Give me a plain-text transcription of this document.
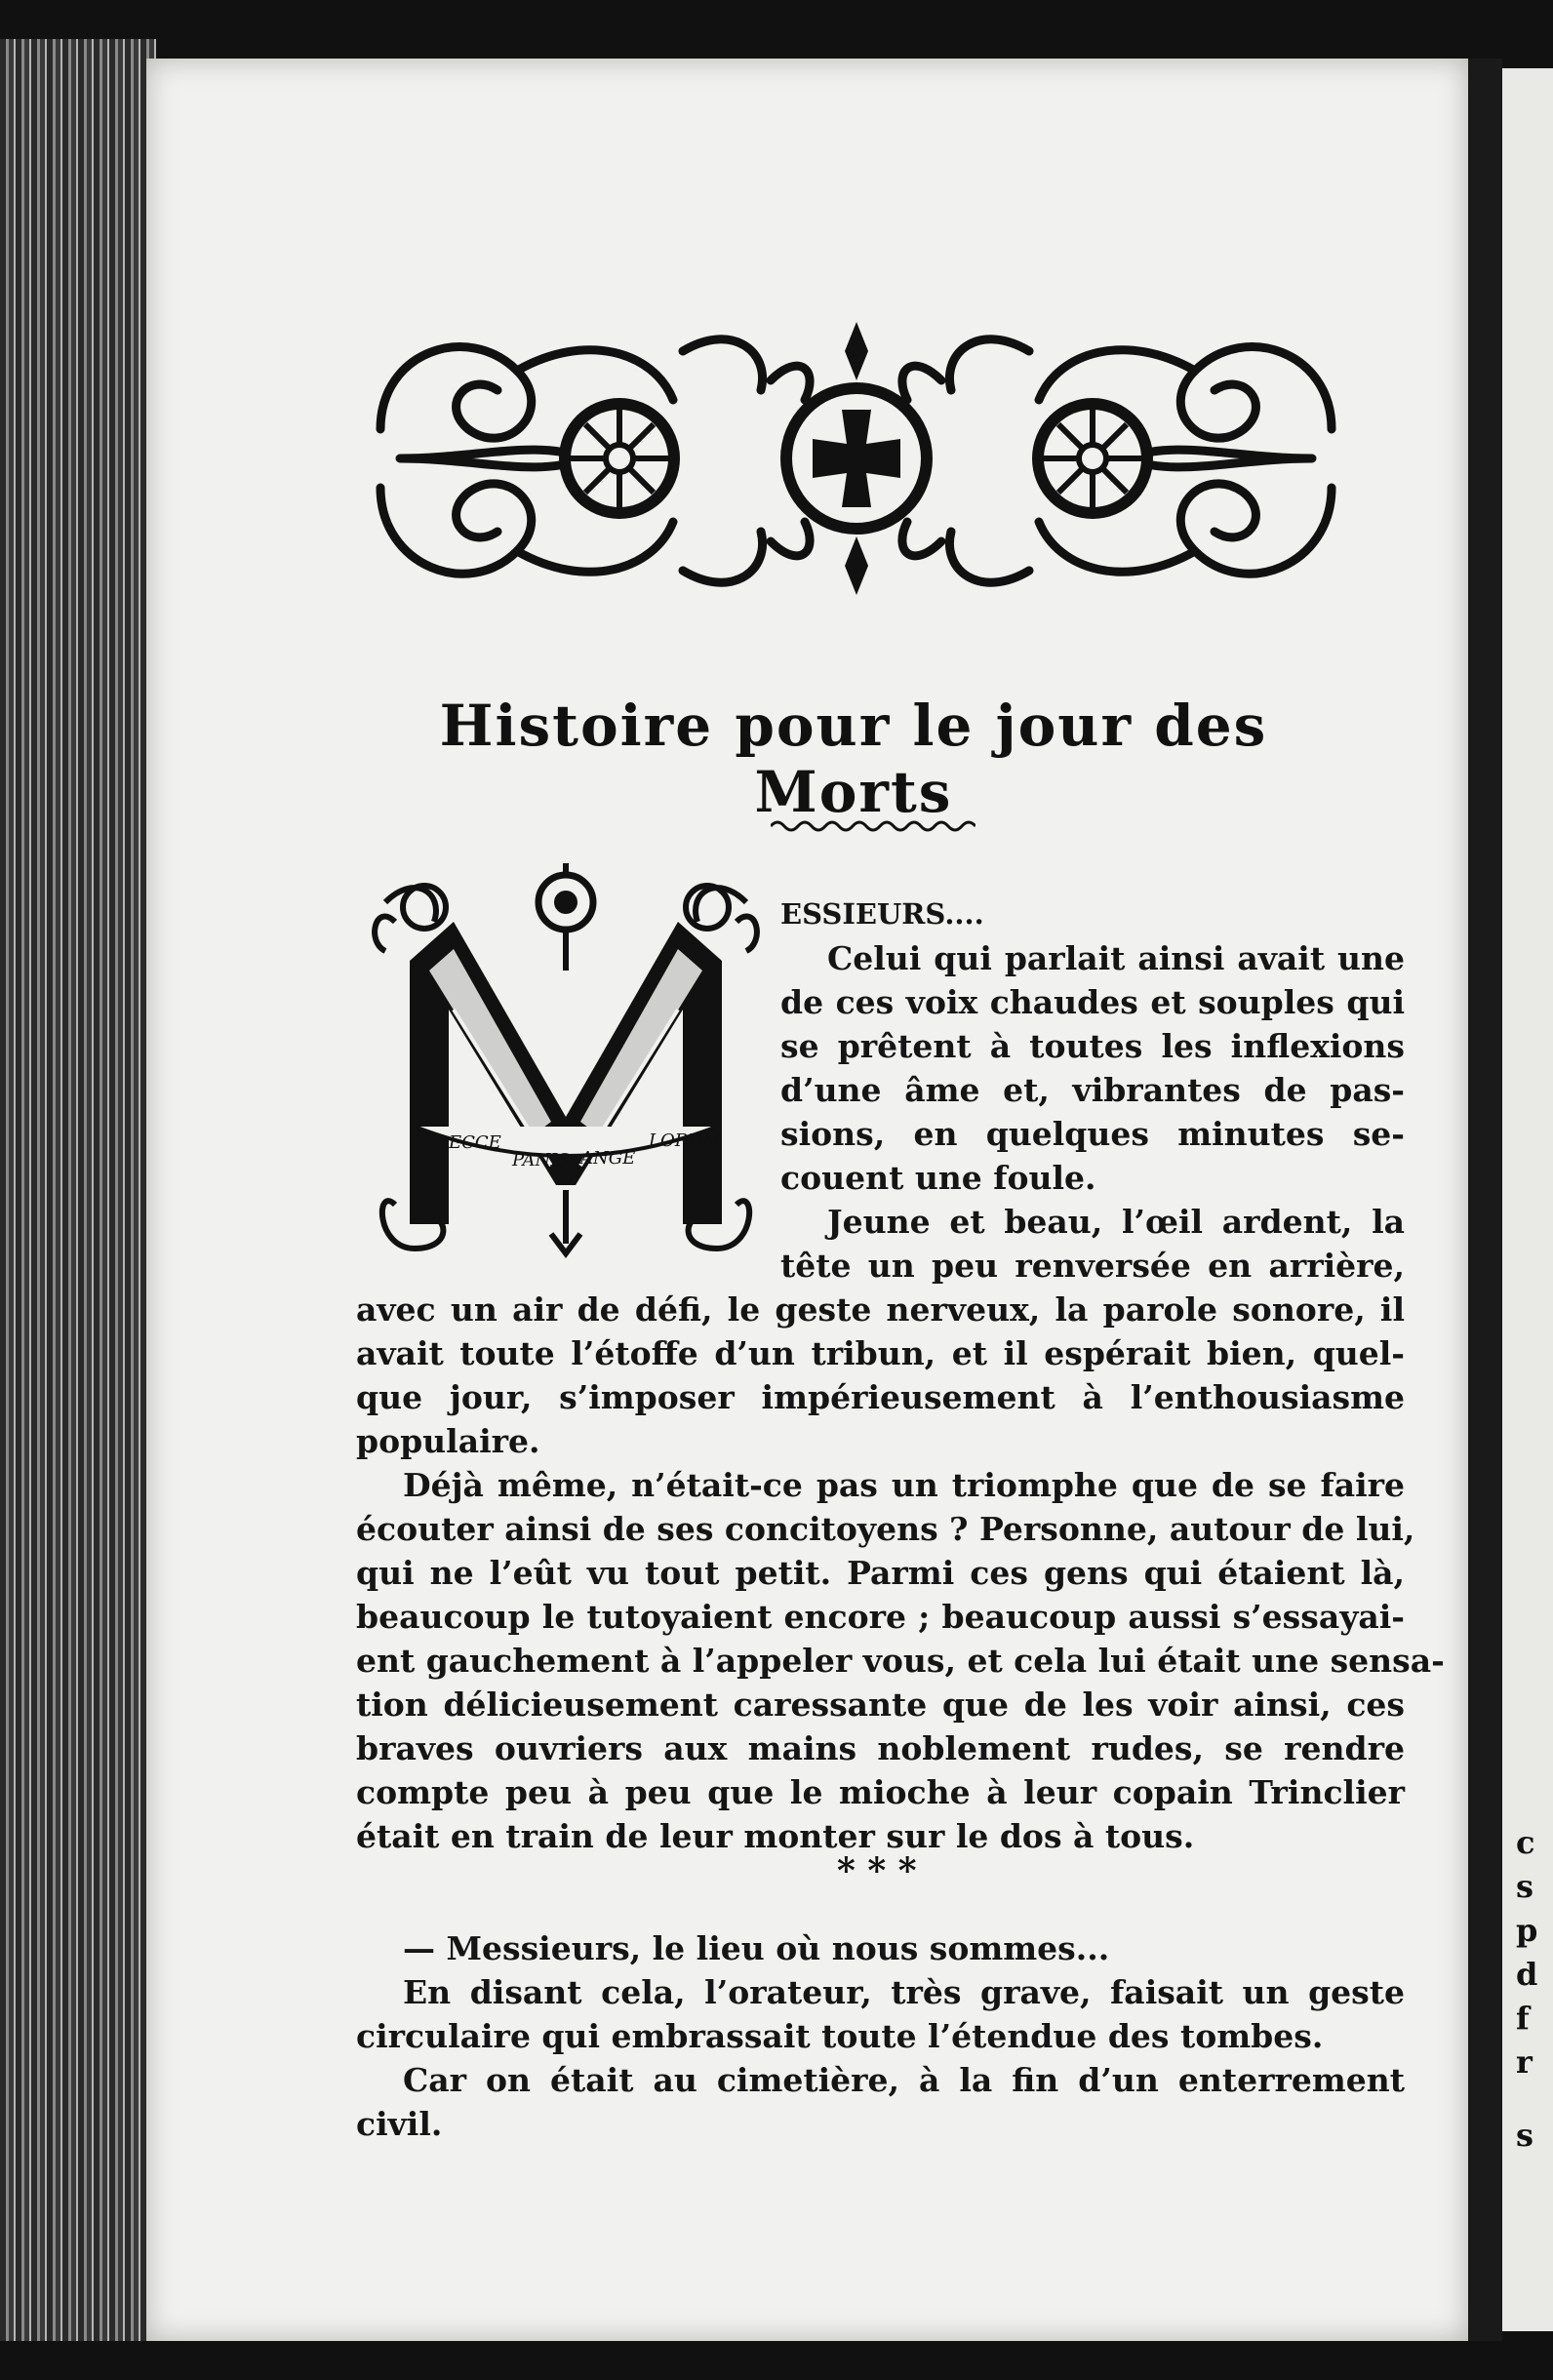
c
s
p
d
f
r
s
Histoire pour le jour des Morts
ECCE
PANIS ANGE
LORUM
M
ESSIEURS....
Celui qui parlait ainsi avait une
de ces voix chaudes et souples qui
se prêtent à toutes les inflexions
d’une âme et, vibrantes de pas-
sions, en quelques minutes se-
couent une foule.
Jeune et beau, l’œil ardent, la
tête un peu renversée en arrière,
avec un air de défi, le geste nerveux, la parole sonore, il
avait toute l’étoffe d’un tribun, et il espérait bien, quel-
que jour, s’imposer impérieusement à l’enthousiasme
populaire.
Déjà même, n’était-ce pas un triomphe que de se faire
écouter ainsi de ses concitoyens ? Personne, autour de lui,
qui ne l’eût vu tout petit. Parmi ces gens qui étaient là,
beaucoup le tutoyaient encore ; beaucoup aussi s’essayai-
ent gauchement à l’appeler vous, et cela lui était une sensa-
tion délicieusement caressante que de les voir ainsi, ces
braves ouvriers aux mains noblement rudes, se rendre
compte peu à peu que le mioche à leur copain Trinclier
était en train de leur monter sur le dos à tous.
* * *
— Messieurs, le lieu où nous sommes...
En disant cela, l’orateur, très grave, faisait un geste
circulaire qui embrassait toute l’étendue des tombes.
Car on était au cimetière, à la fin d’un enterrement
civil.
